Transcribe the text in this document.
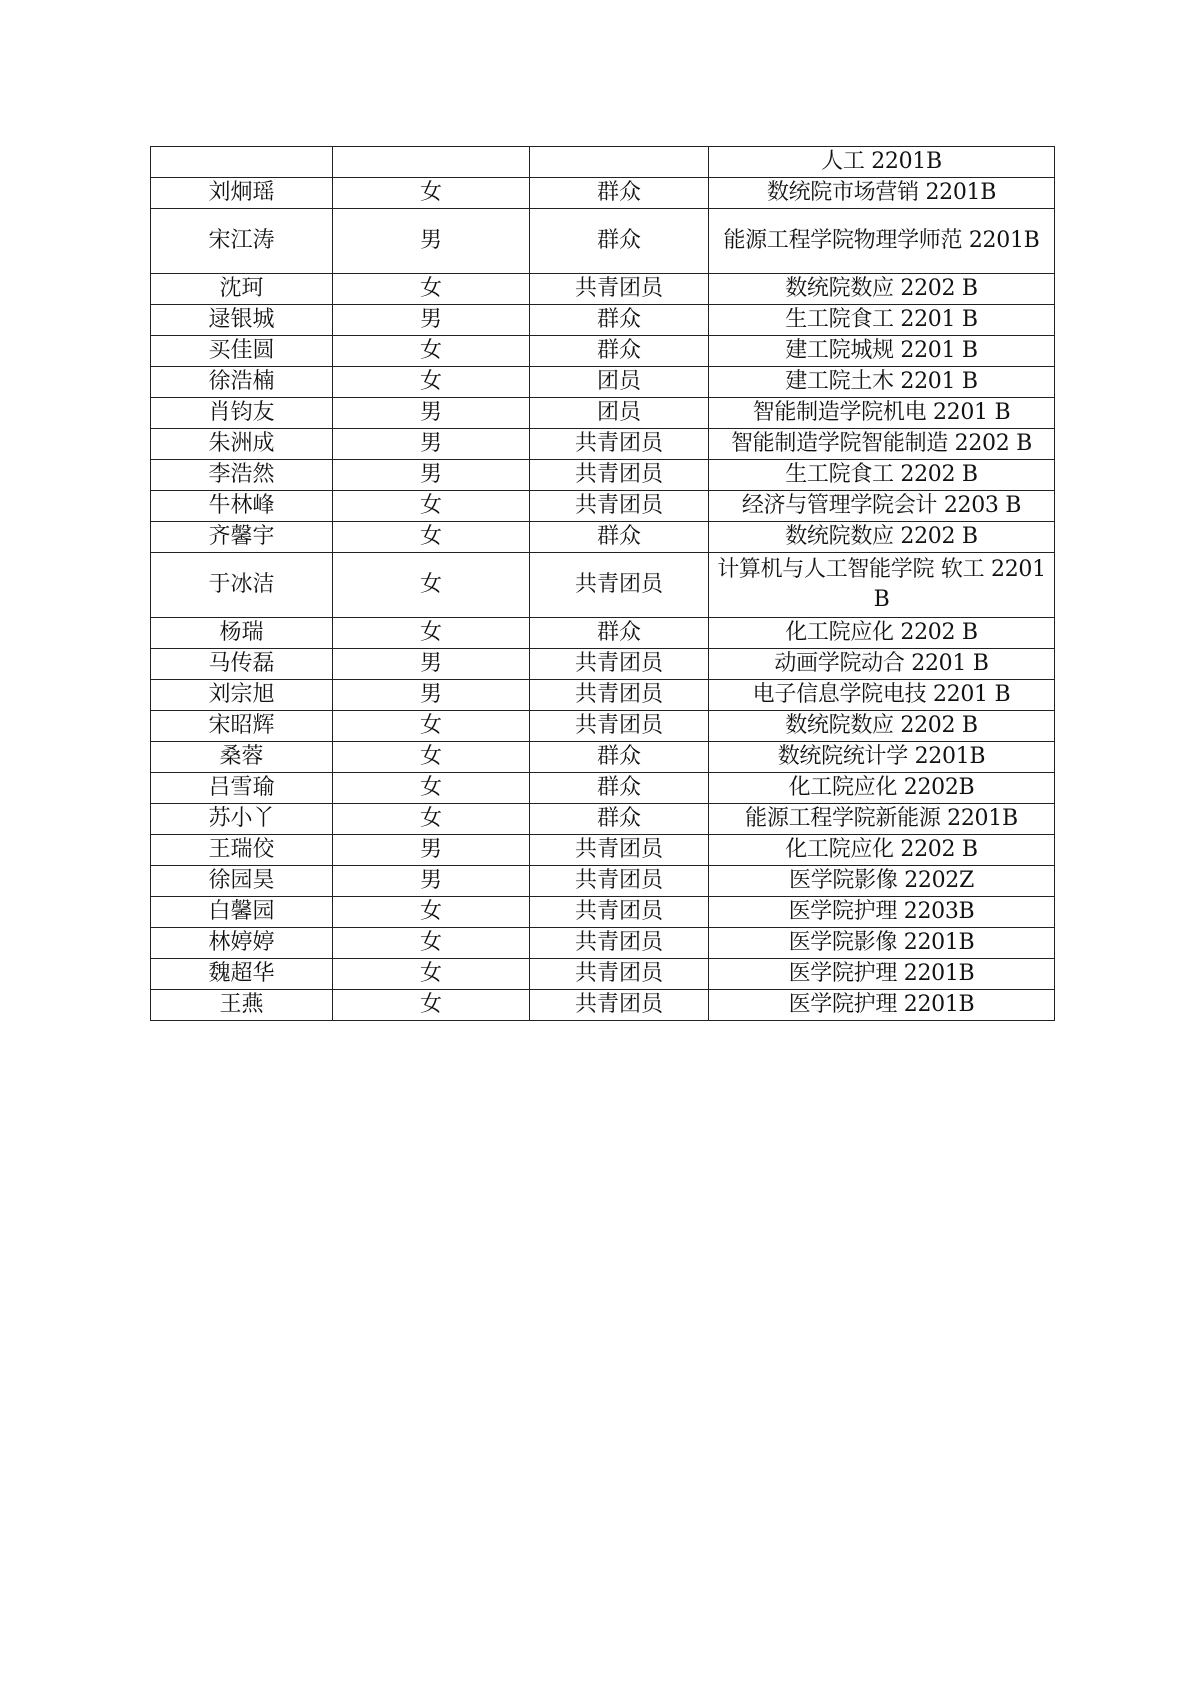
			人工 2201B
刘炯瑶	女	群众	数统院市场营销 2201B
宋江涛	男	群众	能源工程学院物理学师范 2201B
沈珂	女	共青团员	数统院数应 2202 B
逯银城	男	群众	生工院食工 2201 B
买佳圆	女	群众	建工院城规 2201 B
徐浩楠	女	团员	建工院土木 2201 B
肖钧友	男	团员	智能制造学院机电 2201 B
朱洲成	男	共青团员	智能制造学院智能制造 2202 B
李浩然	男	共青团员	生工院食工 2202 B
牛林峰	女	共青团员	经济与管理学院会计 2203 B
齐馨宇	女	群众	数统院数应 2202 B
于冰洁	女	共青团员	计算机与人工智能学院 软工 2201 B
杨瑞	女	群众	化工院应化 2202 B
马传磊	男	共青团员	动画学院动合 2201 B
刘宗旭	男	共青团员	电子信息学院电技 2201 B
宋昭辉	女	共青团员	数统院数应 2202 B
桑蓉	女	群众	数统院统计学 2201B
吕雪瑜	女	群众	化工院应化 2202B
苏小丫	女	群众	能源工程学院新能源 2201B
王瑞佼	男	共青团员	化工院应化 2202 B
徐园昊	男	共青团员	医学院影像 2202Z
白馨园	女	共青团员	医学院护理 2203B
林婷婷	女	共青团员	医学院影像 2201B
魏超华	女	共青团员	医学院护理 2201B
王燕	女	共青团员	医学院护理 2201B
